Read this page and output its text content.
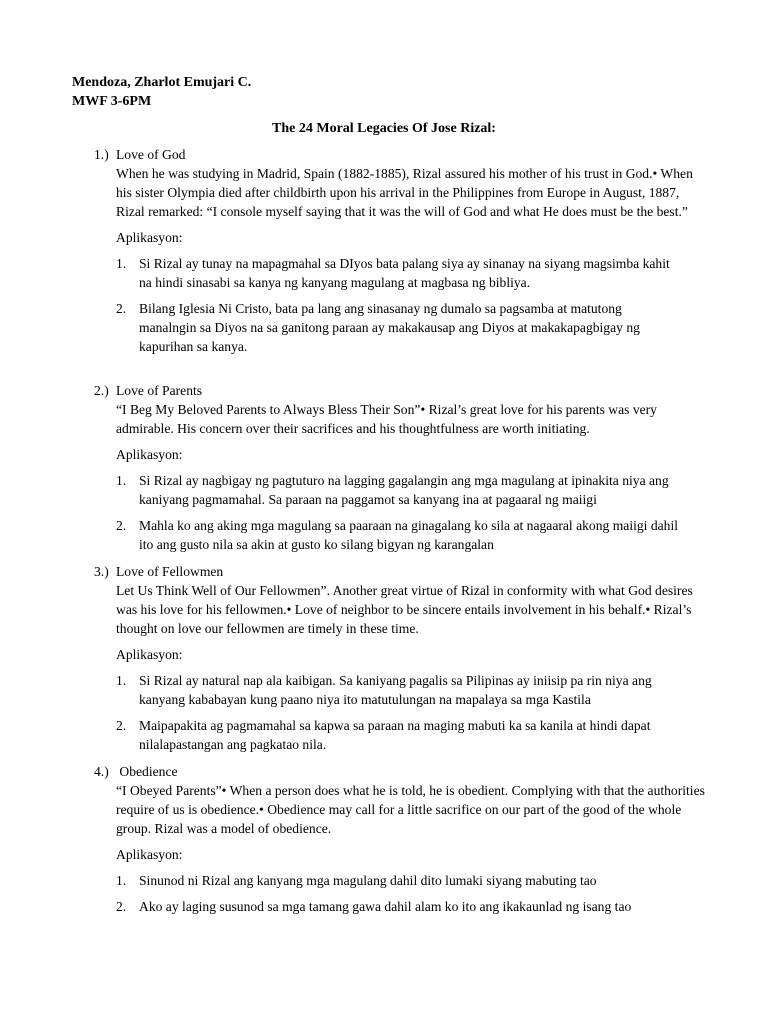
Mendoza, Zharlot Emujari C.
MWF 3-6PM
The 24 Moral Legacies Of Jose Rizal:
1.) Love of God
When he was studying in Madrid, Spain (1882-1885), Rizal assured his mother of his trust in God.• When his sister Olympia died after childbirth upon his arrival in the Philippines from Europe in August, 1887, Rizal remarked: “I console myself saying that it was the will of God and what He does must be the best.”
Aplikasyon:
1. Si Rizal ay tunay na mapagmahal sa DIyos bata palang siya ay sinanay na siyang magsimba kahit na hindi sinasabi sa kanya ng kanyang magulang at magbasa ng bibliya.
2. Bilang Iglesia Ni Cristo, bata pa lang ang sinasanay ng dumalo sa pagsamba at matutong manalngin sa Diyos na sa ganitong paraan ay makakausap ang Diyos at makakapagbigay ng kapurihan sa kanya.
2.) Love of Parents
“I Beg My Beloved Parents to Always Bless Their Son”• Rizal’s great love for his parents was very admirable. His concern over their sacrifices and his thoughtfulness are worth initiating.
Aplikasyon:
1. Si Rizal ay nagbigay ng pagtuturo na lagging gagalangin ang mga magulang at ipinakita niya ang kaniyang pagmamahal. Sa paraan na paggamot sa kanyang ina at pagaaral ng maiigi
2. Mahla ko ang aking mga magulang sa paaraan na ginagalang ko sila at nagaaral akong maiigi dahil ito ang gusto nila sa akin at gusto ko silang bigyan ng karangalan
3.) Love of Fellowmen
Let Us Think Well of Our Fellowmen”. Another great virtue of Rizal in conformity with what God desires was his love for his fellowmen.• Love of neighbor to be sincere entails involvement in his behalf.• Rizal’s thought on love our fellowmen are timely in these time.
Aplikasyon:
1. Si Rizal ay natural nap ala kaibigan. Sa kaniyang pagalis sa Pilipinas ay iniisip pa rin niya ang kanyang kababayan kung paano niya ito matutulungan na mapalaya sa mga Kastila
2. Maipapakita ag pagmamahal sa kapwa sa paraan na maging mabuti ka sa kanila at hindi dapat nilalapastangan ang pagkatao nila.
4.) Obedience
“I Obeyed Parents”• When a person does what he is told, he is obedient. Complying with that the authorities require of us is obedience.• Obedience may call for a little sacrifice on our part of the good of the whole group. Rizal was a model of obedience.
Aplikasyon:
1. Sinunod ni Rizal ang kanyang mga magulang dahil dito lumaki siyang mabuting tao
2. Ako ay laging susunod sa mga tamang gawa dahil alam ko ito ang ikakaunlad ng isang tao
